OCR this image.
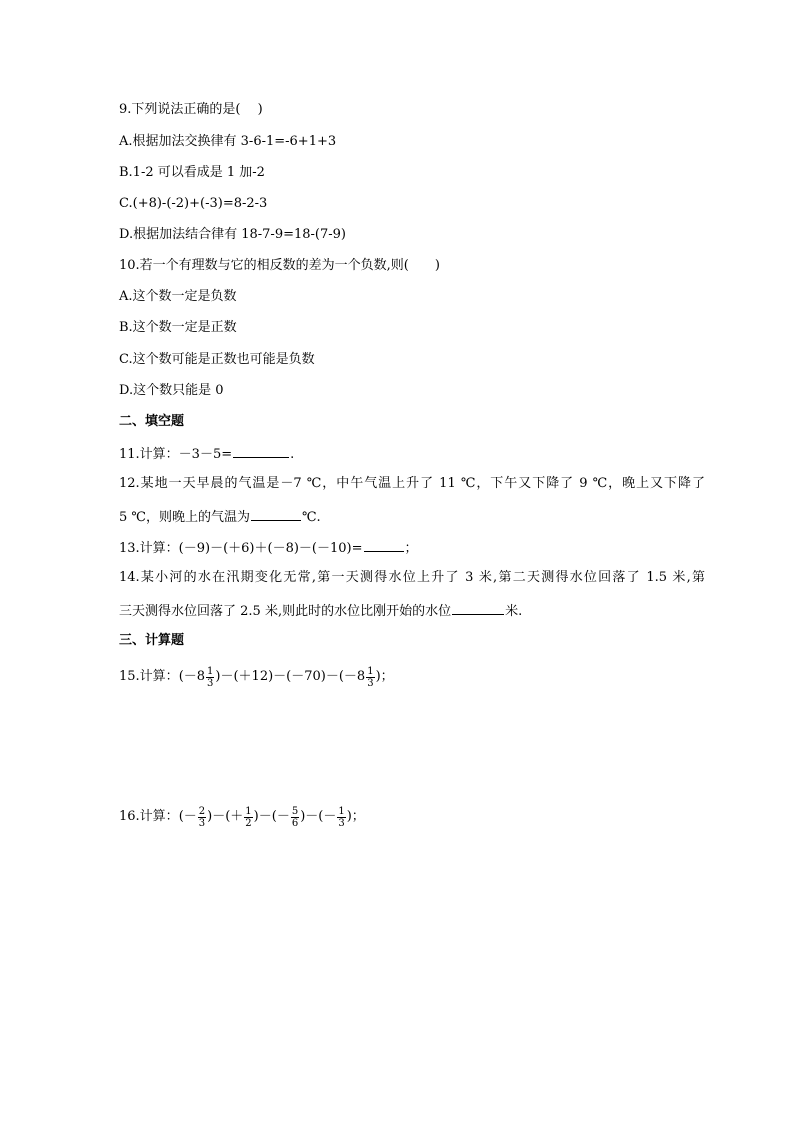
9.下列说法正确的是(　 )
A.根据加法交换律有 3-6-1=-6+1+3
B.1-2 可以看成是 1 加-2
C.(+8)-(-2)+(-3)=8-2-3
D.根据加法结合律有 18-7-9=18-(7-9)
10.若一个有理数与它的相反数的差为一个负数,则(　　)
A.这个数一定是负数
B.这个数一定是正数
C.这个数可能是正数也可能是负数
D.这个数只能是 0
二、填空题
11.计算：－3－5=	.
12.某地一天早晨的气温是－7 ℃，中午气温上升了 11 ℃，下午又下降了 9 ℃，晚上又下降了
5 ℃，则晚上的气温为	℃.
13.计算：(－9)－(＋6)＋(－8)－(－10)=	；
14.某小河的水在汛期变化无常,第一天测得水位上升了 3 米,第二天测得水位回落了 1.5 米,第
三天测得水位回落了 2.5 米,则此时的水位比刚开始的水位	米.
三、计算题
15.计算： ($-8 \frac{1}{3}$ ) $-(+12)-(-70)- (-8 \frac{1}{3}$ )；
16.计算： (－ $\frac{2}{3}$ )－ (＋ $\frac{1}{2}$ )－ (－ $\frac{5}{6}$ )－ (－ $\frac{1}{3}$ )；
